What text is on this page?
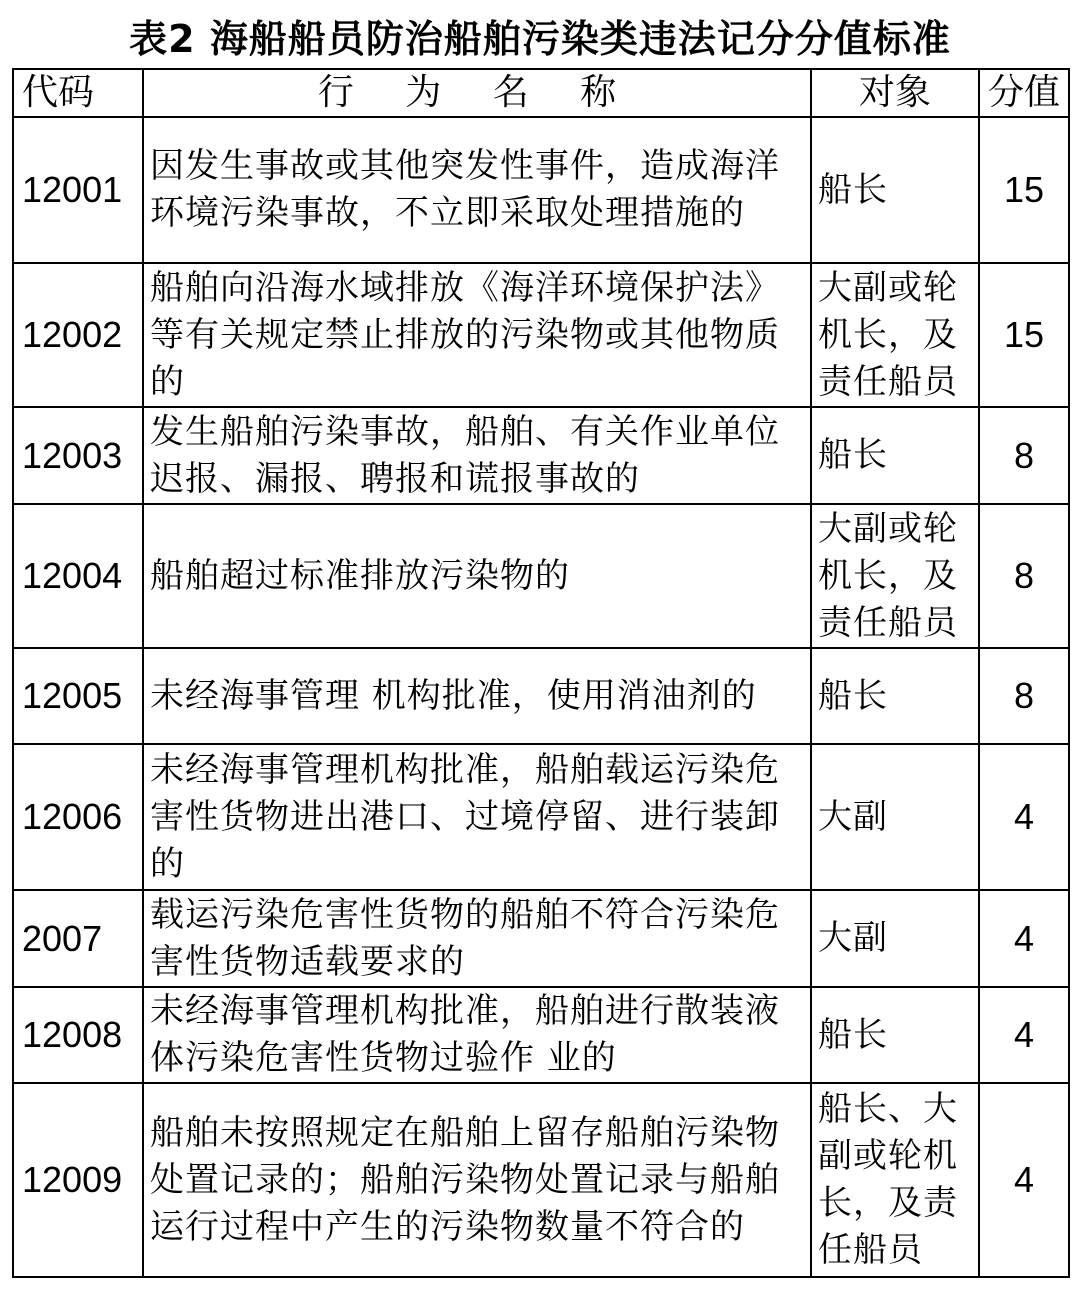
表2 海船船员防治船舶污染类违法记分分值标准
代码	行 为 名 称	对象	分值
12001	因发生事故或其他突发性事件，造成海洋环境污染事故，不立即采取处理措施的	船长	15
12002	船舶向沿海水域排放《海洋环境保护法》等有关规定禁止排放的污染物或其他物质的	大副或轮机长，及责任船员	15
12003	发生船舶污染事故，船舶、有关作业单位迟报、漏报、聘报和谎报事故的	船长	8
12004	船舶超过标准排放污染物的	大副或轮机长，及责任船员	8
12005	未经海事管理 机构批准，使用消油剂的	船长	8
12006	未经海事管理机构批准，船舶载运污染危害性货物进出港口、过境停留、进行装卸的	大副	4
2007	载运污染危害性货物的船舶不符合污染危害性货物适载要求的	大副	4
12008	未经海事管理机构批准，船舶进行散装液体污染危害性货物过验作 业的	船长	4
12009	船舶未按照规定在船舶上留存船舶污染物处置记录的；船舶污染物处置记录与船舶运行过程中产生的污染物数量不符合的	船长、大副或轮机长，及责任船员	4
